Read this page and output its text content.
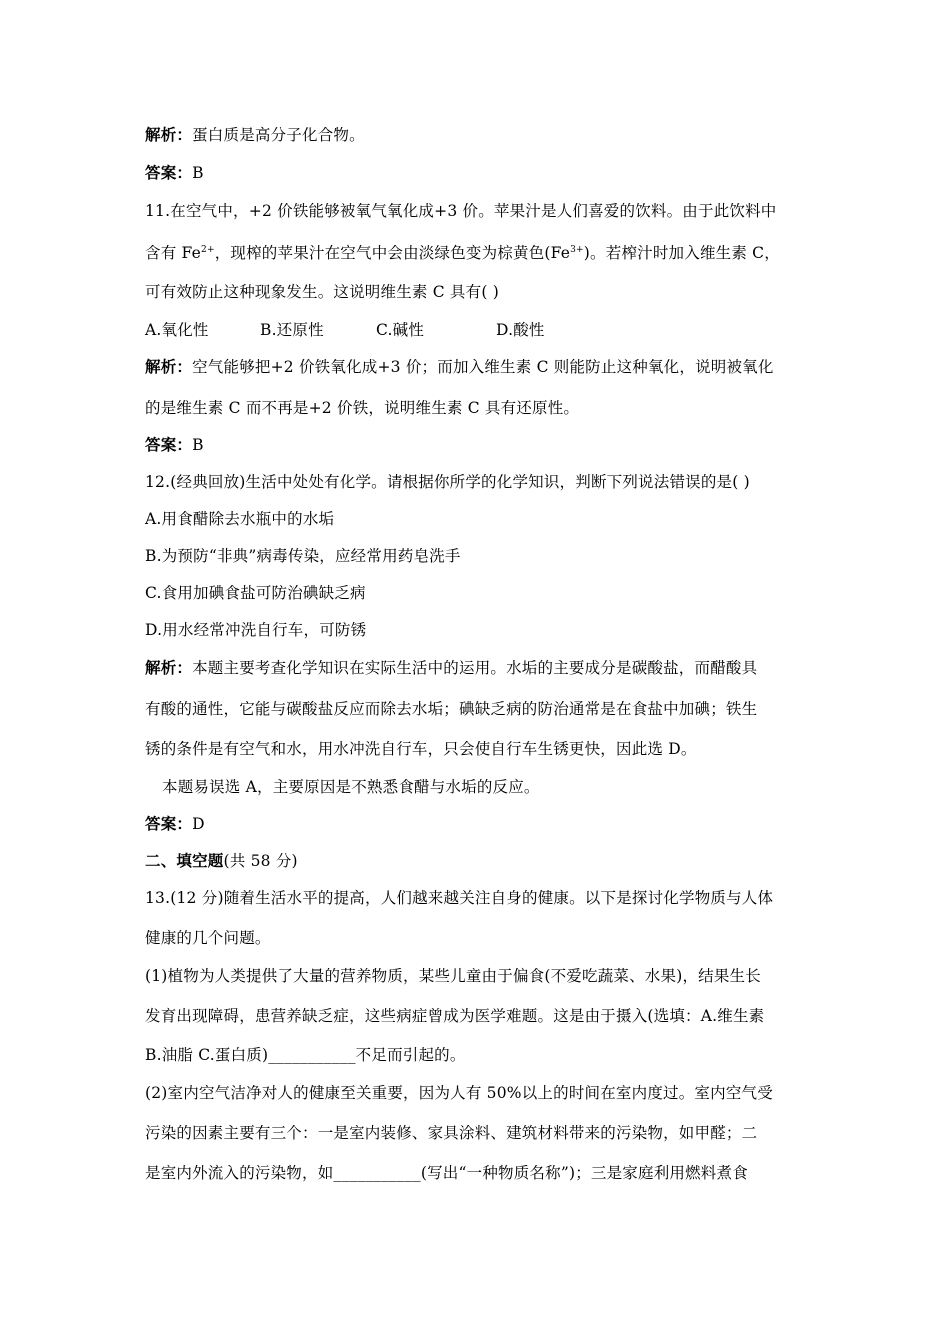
解析：蛋白质是高分子化合物。
答案：B
11.在空气中，+2 价铁能够被氧气氧化成+3 价。苹果汁是人们喜爱的饮料。由于此饮料中
含有 $Fe^{2+}$，现榨的苹果汁在空气中会由淡绿色变为棕黄色$(Fe^{3+})$。若榨汁时加入维生素 C，
可有效防止这种现象发生。这说明维生素 C 具有( )
A.氧化性	B.还原性	C.碱性	D.酸性
解析：空气能够把+2 价铁氧化成+3 价；而加入维生素 C 则能防止这种氧化，说明被氧化
的是维生素 C 而不再是+2 价铁，说明维生素 C 具有还原性。
答案：B
12.(经典回放)生活中处处有化学。请根据你所学的化学知识，判断下列说法错误的是( )
A.用食醋除去水瓶中的水垢
B.为预防“非典”病毒传染，应经常用药皂洗手
C.食用加碘食盐可防治碘缺乏病
D.用水经常冲洗自行车，可防锈
解析：本题主要考查化学知识在实际生活中的运用。水垢的主要成分是碳酸盐，而醋酸具
有酸的通性，它能与碳酸盐反应而除去水垢；碘缺乏病的防治通常是在食盐中加碘；铁生
锈的条件是有空气和水，用水冲洗自行车，只会使自行车生锈更快，因此选 D。
本题易误选 A，主要原因是不熟悉食醋与水垢的反应。
答案：D
二、填空题(共 58 分)
13.(12 分)随着生活水平的提高，人们越来越关注自身的健康。以下是探讨化学物质与人体
健康的几个问题。
(1)植物为人类提供了大量的营养物质，某些儿童由于偏食(不爱吃蔬菜、水果)，结果生长
发育出现障碍，患营养缺乏症，这些病症曾成为医学难题。这是由于摄入(选填：A.维生素
B.油脂 C.蛋白质)___________不足而引起的。
(2)室内空气洁净对人的健康至关重要，因为人有 50%以上的时间在室内度过。室内空气受
污染的因素主要有三个：一是室内装修、家具涂料、建筑材料带来的污染物，如甲醛；二
是室内外流入的污染物，如___________(写出“一种物质名称”)；三是家庭利用燃料煮食
